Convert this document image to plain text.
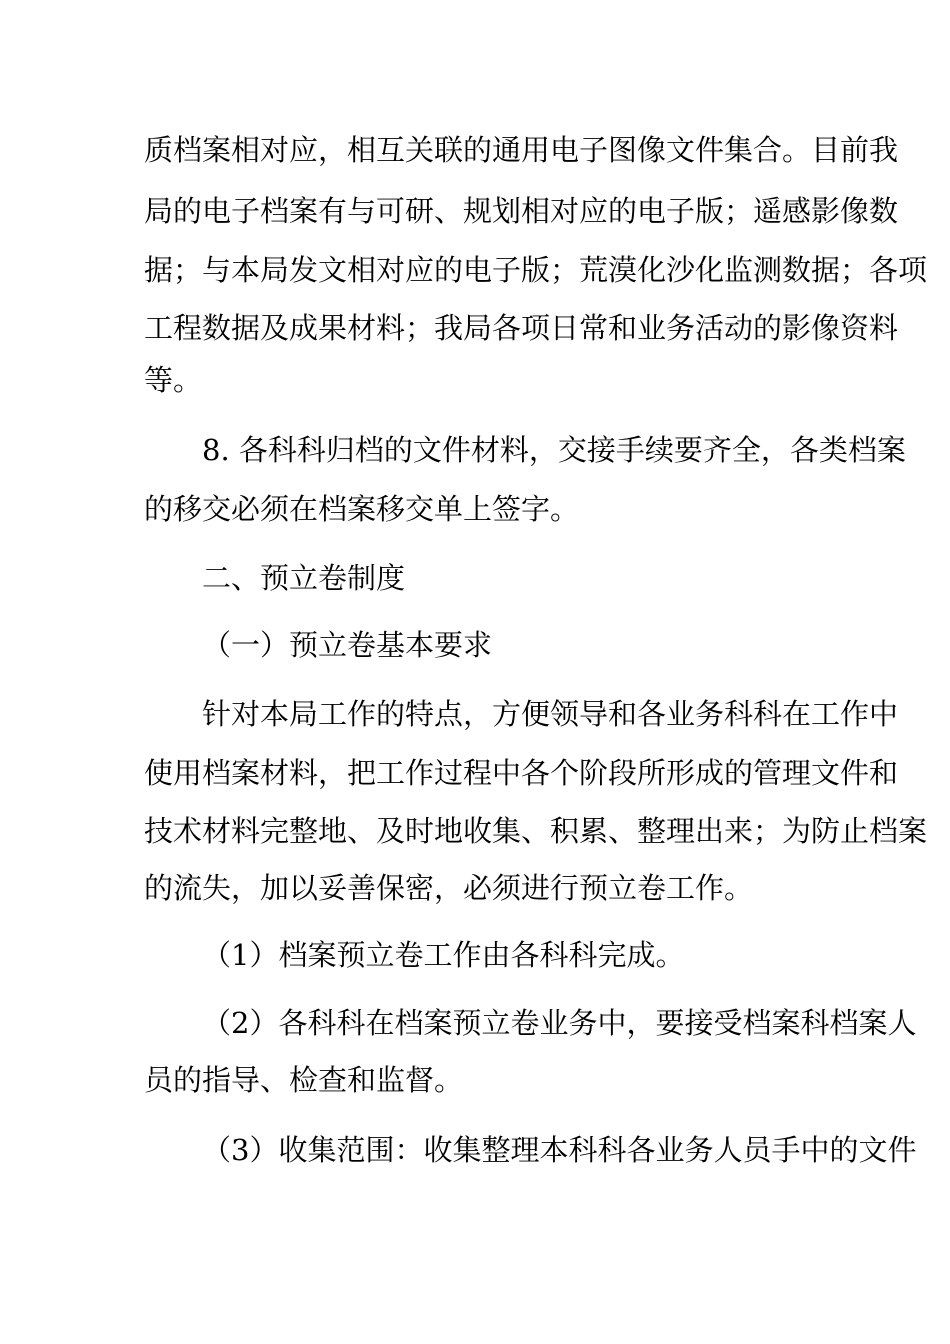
质档案相对应，相互关联的通用电子图像文件集合。目前我
局的电子档案有与可研、规划相对应的电子版；遥感影像数
据；与本局发文相对应的电子版；荒漠化沙化监测数据；各项
工程数据及成果材料；我局各项日常和业务活动的影像资料
等。
8. 各科科归档的文件材料，交接手续要齐全，各类档案
的移交必须在档案移交单上签字。
二、预立卷制度
（一）预立卷基本要求
针对本局工作的特点，方便领导和各业务科科在工作中
使用档案材料，把工作过程中各个阶段所形成的管理文件和
技术材料完整地、及时地收集、积累、整理出来；为防止档案
的流失，加以妥善保密，必须进行预立卷工作。
（1）档案预立卷工作由各科科完成。
（2）各科科在档案预立卷业务中，要接受档案科档案人
员的指导、检查和监督。
（3）收集范围：收集整理本科科各业务人员手中的文件
